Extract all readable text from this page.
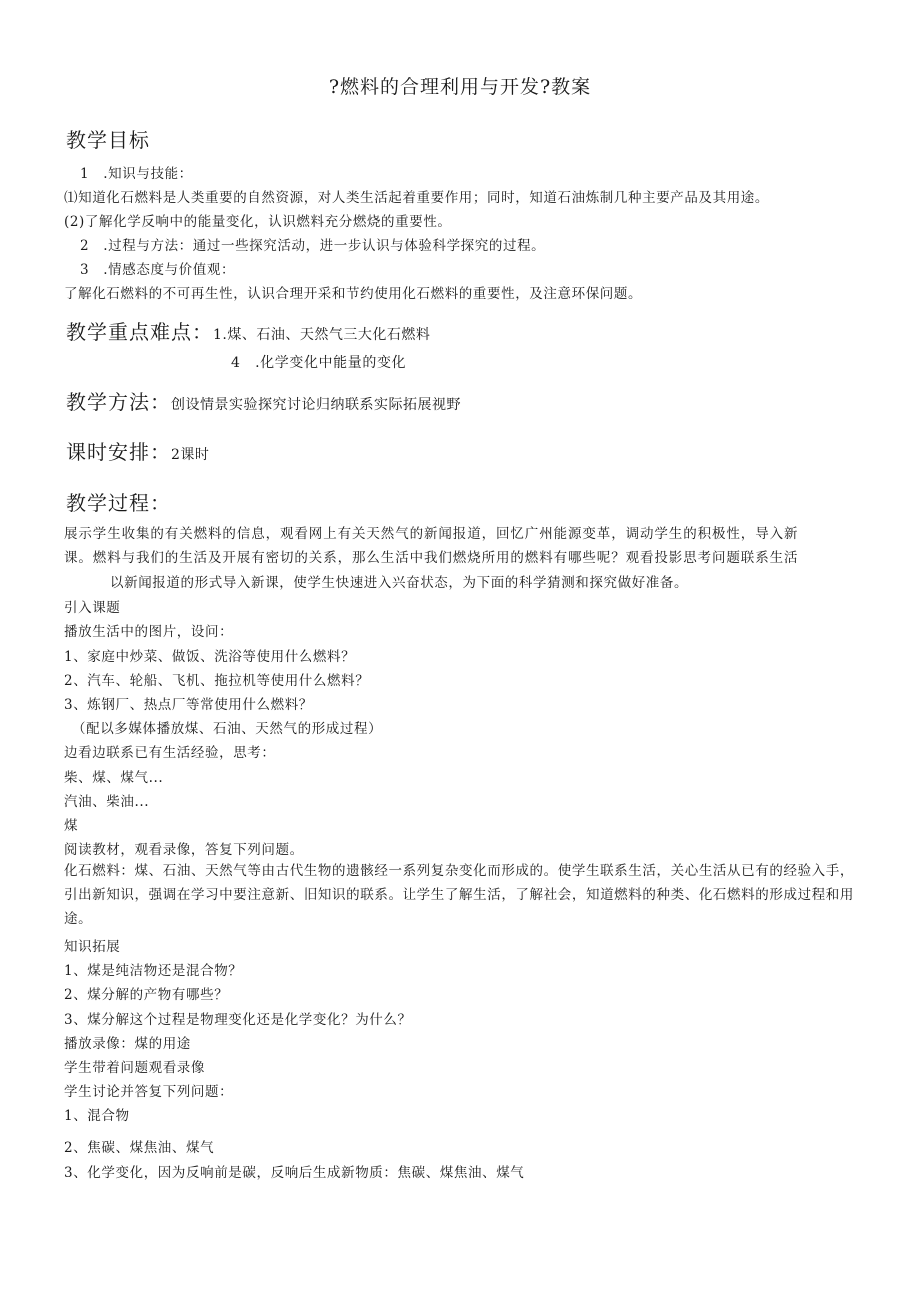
?燃料的合理利用与开发?教案
教学目标
1　.知识与技能：
⑴知道化石燃料是人类重要的自然资源，对人类生活起着重要作用；同时，知道石油炼制几种主要产品及其用途。
(2)了解化学反响中的能量变化，认识燃料充分燃烧的重要性。
2　.过程与方法：通过一些探究活动，进一步认识与体验科学探究的过程。
3　.情感态度与价值观：
了解化石燃料的不可再生性，认识合理开采和节约使用化石燃料的重要性，及注意环保问题。
教学重点难点：1.煤、石油、天然气三大化石燃料
4　.化学变化中能量的变化
教学方法：创设情景实验探究讨论归纳联系实际拓展视野
课时安排：2课时
教学过程：
展示学生收集的有关燃料的信息，观看网上有关天然气的新闻报道，回忆广州能源变革，调动学生的积极性，导入新
课。燃料与我们的生活及开展有密切的关系，那么生活中我们燃烧所用的燃料有哪些呢？观看投影思考问题联系生活
以新闻报道的形式导入新课，使学生快速进入兴奋状态，为下面的科学猜测和探究做好准备。
引入课题
播放生活中的图片，设问：
1、家庭中炒菜、做饭、洗浴等使用什么燃料？
2、汽车、轮船、飞机、拖拉机等使用什么燃料？
3、炼钢厂、热点厂等常使用什么燃料？
（配以多媒体播放煤、石油、天然气的形成过程）
边看边联系已有生活经验，思考：
柴、煤、煤气...
汽油、柴油...
煤
阅读教材，观看录像，答复下列问题。
化石燃料：煤、石油、天然气等由古代生物的遗骸经一系列复杂变化而形成的。使学生联系生活，关心生活从已有的经验入手，引出新知识，强调在学习中要注意新、旧知识的联系。让学生了解生活，了解社会，知道燃料的种类、化石燃料的形成过程和用途。
知识拓展
1、煤是纯洁物还是混合物？
2、煤分解的产物有哪些？
3、煤分解这个过程是物理变化还是化学变化？为什么？
播放录像：煤的用途
学生带着问题观看录像
学生讨论并答复下列问题：
1、混合物
2、焦碳、煤焦油、煤气
3、化学变化，因为反响前是碳，反响后生成新物质：焦碳、煤焦油、煤气
